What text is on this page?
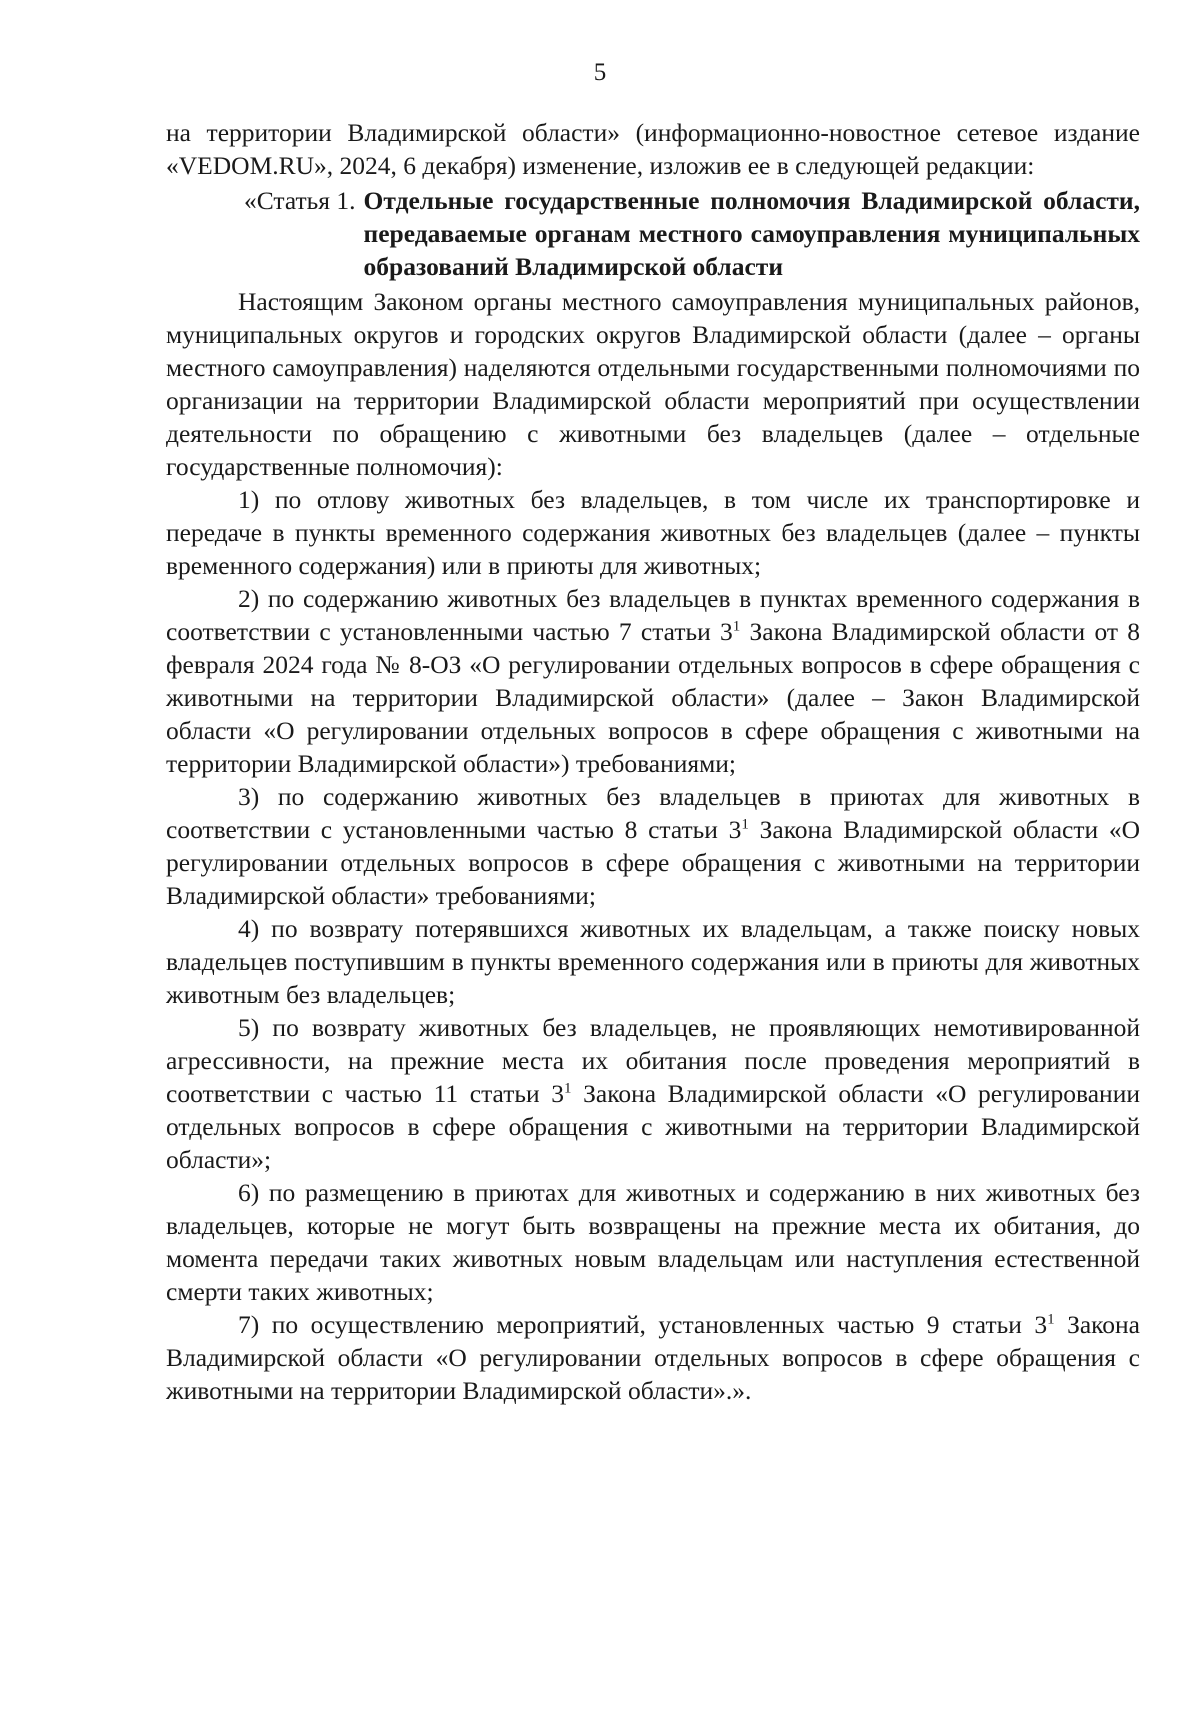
5

на территории Владимирской области» (информационно-новостное сетевое издание «VEDOM.RU», 2024, 6 декабря) изменение, изложив ее в следующей редакции:

«Статья 1. Отдельные государственные полномочия Владимирской области, передаваемые органам местного самоуправления муниципальных образований Владимирской области

Настоящим Законом органы местного самоуправления муниципальных районов, муниципальных округов и городских округов Владимирской области (далее – органы местного самоуправления) наделяются отдельными государственными полномочиями по организации на территории Владимирской области мероприятий при осуществлении деятельности по обращению с животными без владельцев (далее – отдельные государственные полномочия):

1) по отлову животных без владельцев, в том числе их транспортировке и передаче в пункты временного содержания животных без владельцев (далее – пункты временного содержания) или в приюты для животных;

2) по содержанию животных без владельцев в пунктах временного содержания в соответствии с установленными частью 7 статьи $3^1$ Закона Владимирской области от 8 февраля 2024 года № 8-ОЗ «О регулировании отдельных вопросов в сфере обращения с животными на территории Владимирской области» (далее – Закон Владимирской области «О регулировании отдельных вопросов в сфере обращения с животными на территории Владимирской области») требованиями;

3) по содержанию животных без владельцев в приютах для животных в соответствии с установленными частью 8 статьи $3^1$ Закона Владимирской области «О регулировании отдельных вопросов в сфере обращения с животными на территории Владимирской области» требованиями;

4) по возврату потерявшихся животных их владельцам, а также поиску новых владельцев поступившим в пункты временного содержания или в приюты для животных животным без владельцев;

5) по возврату животных без владельцев, не проявляющих немотивированной агрессивности, на прежние места их обитания после проведения мероприятий в соответствии с частью 11 статьи $3^1$ Закона Владимирской области «О регулировании отдельных вопросов в сфере обращения с животными на территории Владимирской области»;

6) по размещению в приютах для животных и содержанию в них животных без владельцев, которые не могут быть возвращены на прежние места их обитания, до момента передачи таких животных новым владельцам или наступления естественной смерти таких животных;

7) по осуществлению мероприятий, установленных частью 9 статьи $3^1$ Закона Владимирской области «О регулировании отдельных вопросов в сфере обращения с животными на территории Владимирской области».».
